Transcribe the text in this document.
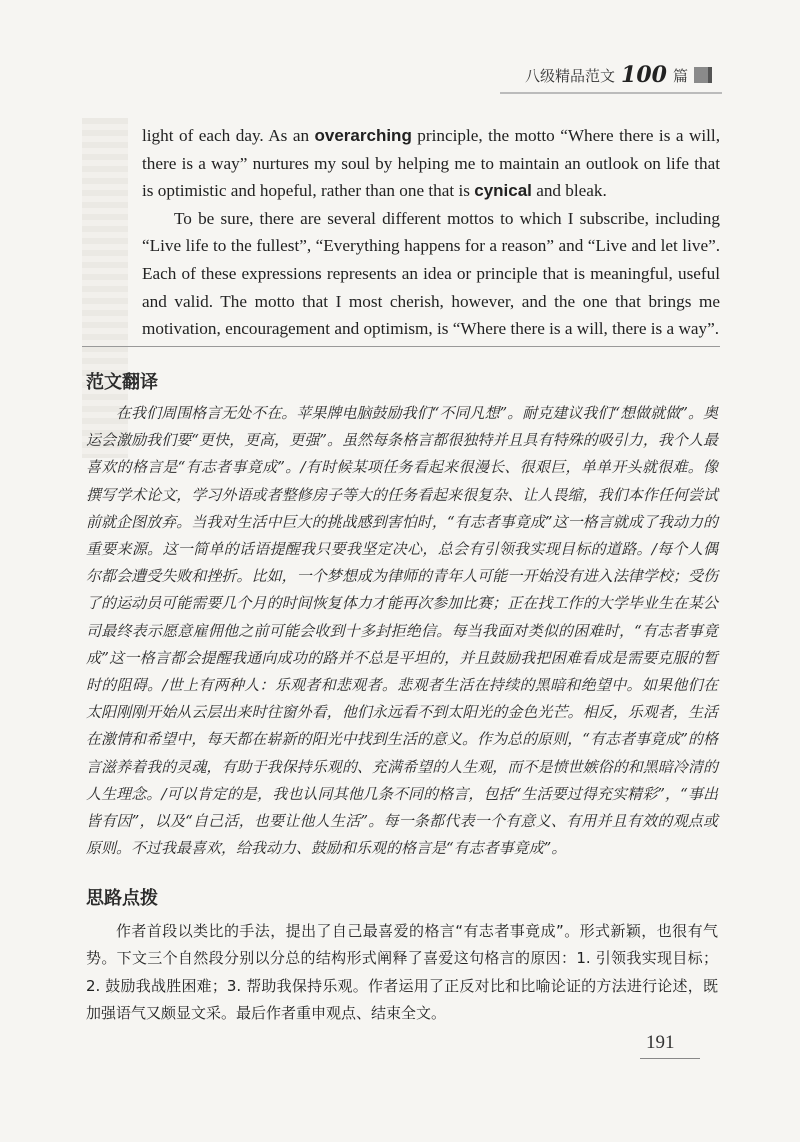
八级精品范文 100 篇

light of each day. As an overarching principle, the motto “Where there is a will, there is a way” nurtures my soul by helping me to maintain an outlook on life that is optimistic and hopeful, rather than one that is cynical and bleak.

To be sure, there are several different mottos to which I subscribe, including “Live life to the fullest”, “Everything happens for a reason” and “Live and let live”. Each of these expressions represents an idea or principle that is meaningful, useful and valid. The motto that I most cherish, however, and the one that brings me motivation, encouragement and optimism, is “Where there is a will, there is a way”.

范文翻译

在我们周围格言无处不在。苹果牌电脑鼓励我们“不同凡想”。耐克建议我们“想做就做”。奥运会激励我们要“更快，更高，更强”。虽然每条格言都很独特并且具有特殊的吸引力，我个人最喜欢的格言是“有志者事竟成”。/有时候某项任务看起来很漫长、很艰巨，单单开头就很难。像撰写学术论文，学习外语或者整修房子等大的任务看起来很复杂、让人畏缩，我们本作任何尝试前就企图放弃。当我对生活中巨大的挑战感到害怕时，“有志者事竟成”这一格言就成了我动力的重要来源。这一简单的话语提醒我只要我坚定决心，总会有引领我实现目标的道路。/每个人偶尔都会遭受失败和挫折。比如，一个梦想成为律师的青年人可能一开始没有进入法律学校；受伤了的运动员可能需要几个月的时间恢复体力才能再次参加比赛；正在找工作的大学毕业生在某公司最终表示愿意雇佣他之前可能会收到十多封拒绝信。每当我面对类似的困难时，“有志者事竟成”这一格言都会提醒我通向成功的路并不总是平坦的，并且鼓励我把困难看成是需要克服的暂时的阻碍。/世上有两种人：乐观者和悲观者。悲观者生活在持续的黑暗和绝望中。如果他们在太阳刚刚开始从云层出来时往窗外看，他们永远看不到太阳光的金色光芒。相反，乐观者，生活在激情和希望中，每天都在崭新的阳光中找到生活的意义。作为总的原则，“有志者事竟成”的格言滋养着我的灵魂，有助于我保持乐观的、充满希望的人生观，而不是愤世嫉俗的和黑暗冷清的人生理念。/可以肯定的是，我也认同其他几条不同的格言，包括“生活要过得充实精彩”，“事出皆有因”，以及“自己活，也要让他人生活”。每一条都代表一个有意义、有用并且有效的观点或原则。不过我最喜欢，给我动力、鼓励和乐观的格言是“有志者事竟成”。

思路点拨

作者首段以类比的手法，提出了自己最喜爱的格言“有志者事竟成”。形式新颖，也很有气势。下文三个自然段分别以分总的结构形式阐释了喜爱这句格言的原因：1. 引领我实现目标；2. 鼓励我战胜困难；3. 帮助我保持乐观。作者运用了正反对比和比喻论证的方法进行论述，既加强语气又颇显文采。最后作者重申观点、结束全文。

191
